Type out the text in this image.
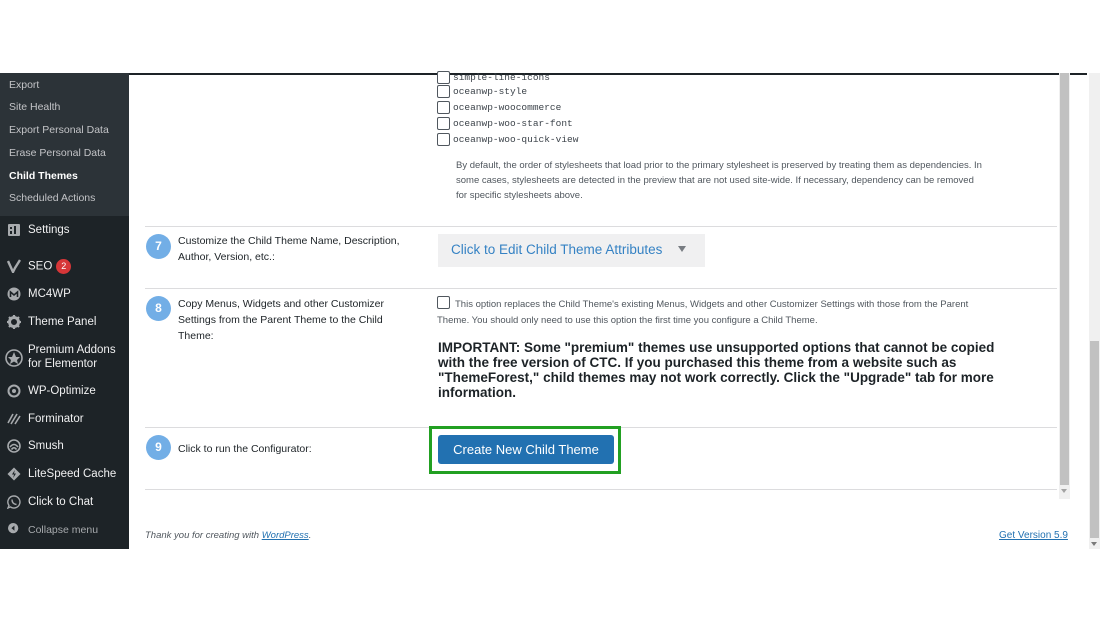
Export
Site Health
Export Personal Data
Erase Personal Data
Child Themes
Scheduled Actions
Settings
SEO 2
MC4WP
Theme Panel
Premium Addons
for Elementor
WP-Optimize
Forminator
Smush
LiteSpeed Cache
Click to Chat
Collapse menu
simple-line-icons
oceanwp-style
oceanwp-woocommerce
oceanwp-woo-star-font
oceanwp-woo-quick-view
By default, the order of stylesheets that load prior to the primary stylesheet is preserved by treating them as dependencies. In some cases, stylesheets are detected in the preview that are not used site-wide. If necessary, dependency can be removed for specific stylesheets above.
7	Customize the Child Theme Name, Description, Author, Version, etc.:	Click to Edit Child Theme Attributes
8	Copy Menus, Widgets and other Customizer Settings from the Parent Theme to the Child Theme:
This option replaces the Child Theme's existing Menus, Widgets and other Customizer Settings with those from the Parent Theme. You should only need to use this option the first time you configure a Child Theme.
IMPORTANT: Some "premium" themes use unsupported options that cannot be copied with the free version of CTC. If you purchased this theme from a website such as "ThemeForest," child themes may not work correctly. Click the "Upgrade" tab for more information.
9	Click to run the Configurator:	Create New Child Theme
Thank you for creating with WordPress.	Get Version 5.9
